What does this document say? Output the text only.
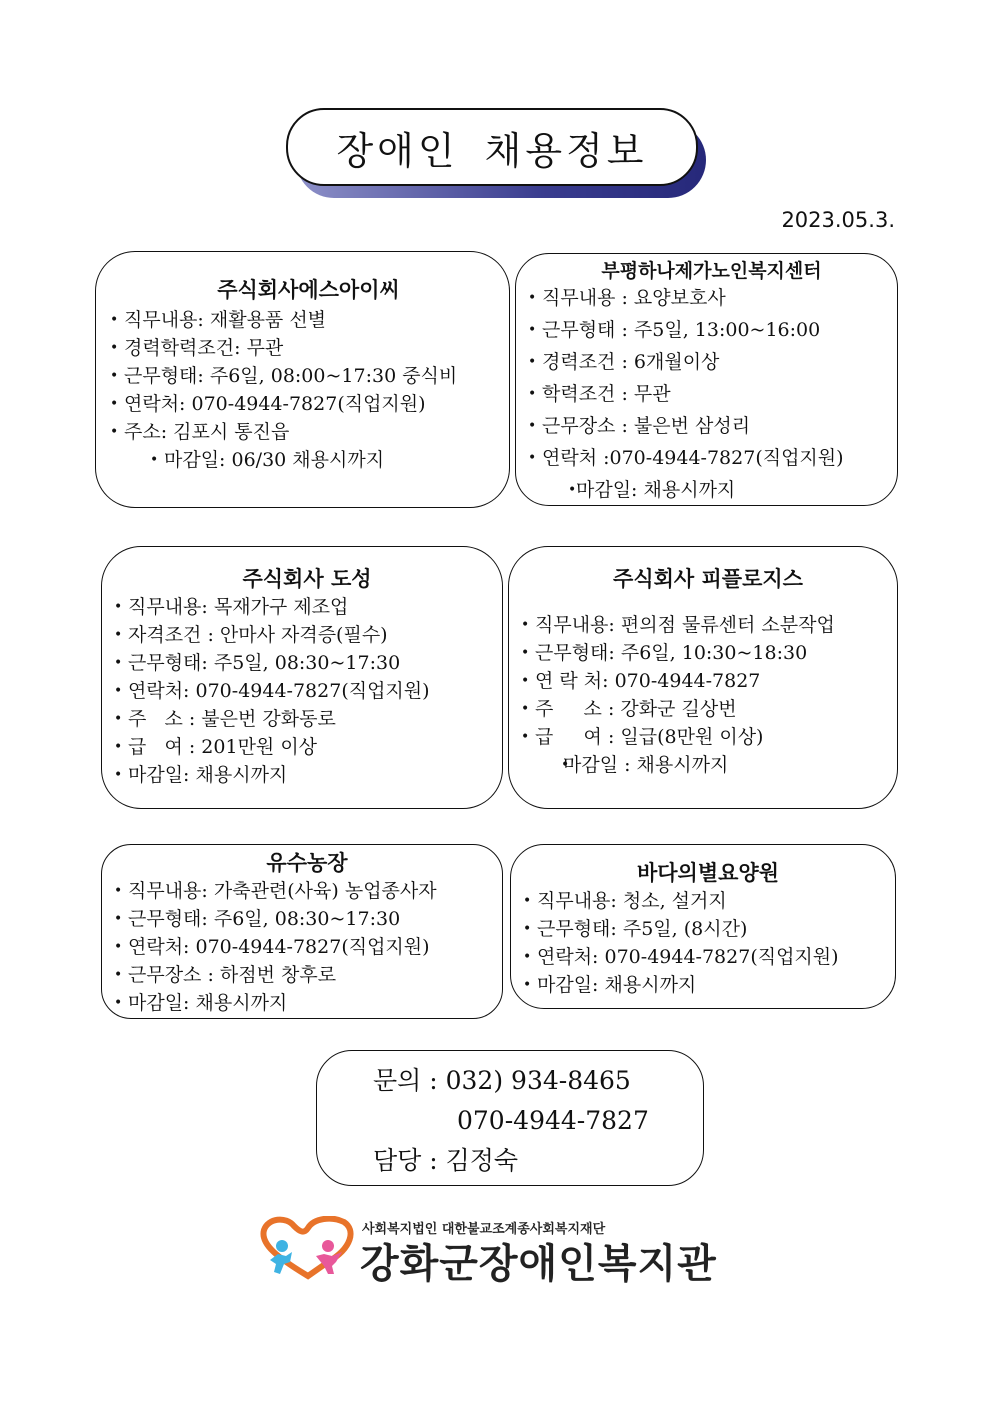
장애인 채용정보
2023.05.3.
주식회사에스아이씨
• 직무내용: 재활용품 선별
• 경력학력조건: 무관
• 근무형태: 주6일, 08:00~17:30 중식비
• 연락처: 070-4944-7827(직업지원)
• 주소: 김포시 통진읍
• 마감일: 06/30 채용시까지
부평하나제가노인복지센터
• 직무내용 : 요양보호사
• 근무형태 : 주5일, 13:00~16:00
• 경력조건 : 6개월이상
• 학력조건 : 무관
• 근무장소 : 불은번 삼성리
• 연락처 :070-4944-7827(직업지원)
• 마감일: 채용시까지
주식회사 도성
• 직무내용: 목재가구 제조업
• 자격조건 : 안마사 자격증(필수)
• 근무형태: 주5일, 08:30~17:30
• 연락처: 070-4944-7827(직업지원)
• 주   소 : 불은번 강화동로
• 급   여 : 201만원 이상
• 마감일: 채용시까지
주식회사 피플로지스
• 직무내용: 편의점 물류센터 소분작업
• 근무형태: 주6일, 10:30~18:30
• 연 락 처: 070-4944-7827
• 주     소 : 강화군 길상번
• 급     여 : 일급(8만원 이상)
• 마감일 : 채용시까지
유수농장
• 직무내용: 가축관련(사육) 농업종사자
• 근무형태: 주6일, 08:30~17:30
• 연락처: 070-4944-7827(직업지원)
• 근무장소 : 하점번 창후로
• 마감일: 채용시까지
바다의별요양원
• 직무내용: 청소, 설거지
• 근무형태: 주5일, (8시간)
• 연락처: 070-4944-7827(직업지원)
• 마감일: 채용시까지
문의 : 032) 934-8465
070-4944-7827
담당 : 김정숙
사회복지법인 대한불교조계종사회복지재단
강화군장애인복지관
